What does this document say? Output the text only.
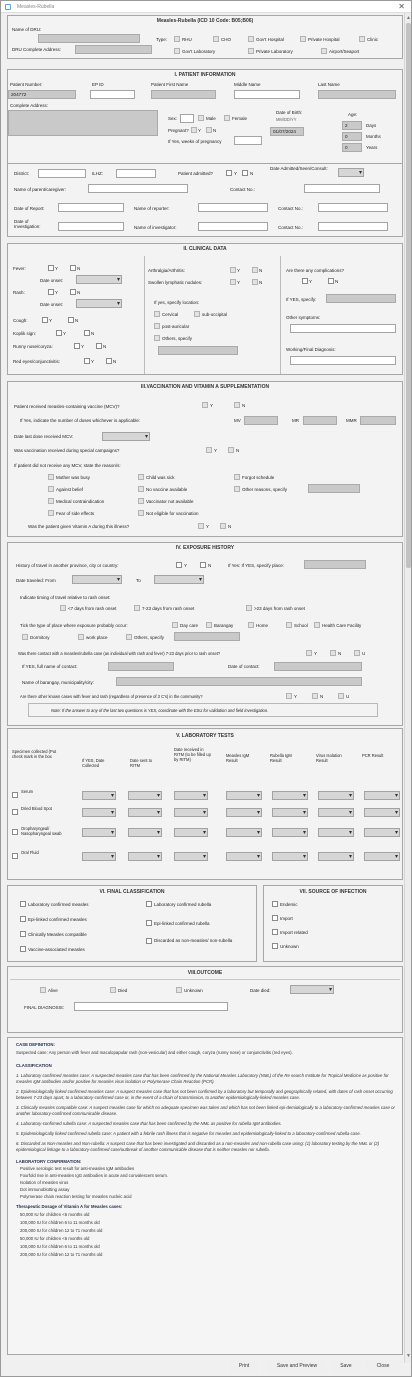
Measles-Rubella	✕
Measles-Rubella (ICD 10 Code: B05;B06)
Name of DRU:
DRU Complete Address:
Type:	RHU	CHO	Gov't Hospital	Private Hospital	Clinic
Gov't Laboratory	Private Laboratory	Airport/Seaport
I. PATIENT INFORMATION
Patient Number:	EP ID	Patient First Name	Middle Name	Last Name
204772
Complete Address:
Sex:	Male	Female
Pregnant? Y	N
If Yes, weeks of pregnancy
Date of Birth:
MM/DD/YY
01/07/2024
Age:
2	Days
0	Months
0	Years
District:	ILHZ:	Patient admitted?	Y	N
Date Admitted/Seen/Consult:
▾
Name of parent/caregiver:	Contact No.:
Date of Report:	Name of reporter:	Contact No.:
Date of Investigation:	Name of investigator:	Contact No.:
II. CLINICAL DATA
Fever:	Y	N
Date onset:
▾
Rash:	Y	N
Date onset:
▾
Cough:	Y	N
Koplik sign:	Y	N
Runny nose/coryza:	Y	N
Red eyes/conjunctivitis:	Y	N
Arthralgia/Arthritis:	Y	N
Swollen lymphatic nodules:	Y	N
If yes, specify location:
Cervical	sub-occipital
post-auricular
Others, specify
Are there any complications?
Y	N
If YES, specify:
Other symptoms:
Working/Final Diagnosis:
III.VACCINATION AND VITAMIN A SUPPLEMENTATION
Patient received measles-containing vaccine (MCV)?	Y	N
If Yes, indicate the number of doses whichever is applicable:	MV	MR	MMR
Date last dose received MCV:
▾
Was vaccination received during special campaigns?	Y	N
If patient did not receive any MCV, state the reason/s:
Mother was busy	Child was sick	Forgot schedule
Against belief	No vaccine available	Other reasons, specify
Medical contraindication	Vaccinator not available
Fear of side effects	Not eligible for vaccination
Was the patient given Vitamin A during this illness?	Y	N
IV. EXPOSURE HISTORY
History of travel in another province, city or country:	Y	N	If Yes: If YES, specify place:
Date traveled: From
▾	To
▾
Indicate timing of travel relative to rash onset:
<7 days from rash onset	7-23 days from rash onset	>23 days from rash onset
Tick the type of place where exposure probably occur:	Day care	Barangay	Home	School	Health Care Facility
Dormitory	work place	Others, specify
Was there contact with a measles/rubella case (an individual with rash and fever) 7-23 days prior to rash onset?	Y	N	U
If YES, full name of contact:	Date of contact:
Name of barangay, municipality/city:
Are there other known cases with fever and rash (regardless of presence of 3 C's) in the community?	Y	N	U
Note: If the answer to any of the last two questions is YES, coordinate with the ESU for validation and field investigation.
V. LABORATORY TESTS
Specimen collected (Put check mark in the box
If YES, Date Collected
Date sent to RITM
Date received in RITM (to be filled up by RITM)
Measles IgM Result
Rubella IgM Result
Virus Isolation Result
PCR Result
Serum
▾
▾
▾
▾
▾
▾
▾
Dried Blood Spot
▾
▾
▾
▾
▾
▾
▾
Oropharyngeal/ Nasopharyngeal swab
▾
▾
▾
▾
▾
▾
▾
Oral Fluid
▾
▾
▾
▾
▾
▾
▾
VI. FINAL CLASSIFICATION
Laboratory confirmed measles
Epi-linked confirmed measles
Clinically Measles compatible
Vaccine-associated measles
Laboratory confirmed rubella
Epi-linked confirmed rubella
Discarded as non-measles/ non-rubella
VII. SOURCE OF INFECTION
Endemic
Import
Import related
Unknown
VIII.OUTCOME
Alive	Died	Unknown	Date died:
▾
FINAL DIAGNOSIS:
CASE DEFINITION:
Suspected case: Any person with fever and maculopapular rash (non-vesicular) and either cough, coryza (runny nose) or conjunctivitis (red eyes).
CLASSIFICATION
1. Laboratory confirmed measles case: A suspected measles case that has been confirmed by the National Measles Laboratory (NML) of the Re search Institute for Tropical Medicine as positive for measles IgM antibodies and/or positive for measles virus isolation or Polymerase Chain Reaction (PCR).
2. Epidemiologically linked confirmed measles case: A suspect measles case that has not been confirmed by a laboratory but temporally and geographically related, with dates of rash onset occurring between 7-23 days apart, to a laboratory-confirmed case or, in the event of a chain of transmission, to another epidemiologically-linked measles case.
3. Clinically measles compatible case: A suspect measles case for which no adequate specimen was taken and which has not been linked epi-demiologically to a laboratory-confirmed measles case or another laboratory-confirmed communicable disease.
4. Laboratory-confirmed rubella case: A suspected measles case that has been confirmed by the NML as positive for rubella IgM antibodies.
5. Epidemiologically linked confirmed rubella case: A patient with a febrile rash illness that is negative for measles and epidemiologically-linked to a laboratory-confirmed rubella case.
6. Discarded as Non-measles and Non-rubella: A suspect case that has been investigated and discarded as a non-measles and non-rubella case using: (1) laboratory testing by the NML or (2) epidemiological linkage to a laboratory-confirmed case/outbreak of another communicable disease that is neither measles nor rubella.
LABORATORY CONFIRMATION:
Positive serologic test result for anti-measles IgM antibodies
Fourfold rise in anti-measles IgG antibodies in acute and convalescent serum.
Isolation of measles virus
Dot immunoblotting assay
Polymerase chain reaction testing for measles nucleic acid
Therapeutic Dosage of Vitamin A for Measles cases:
50,000 IU for children <6 months old
100,000 IU for children 6 to 11 months old
200,000 IU for children 12 to 71 months old
50,000 IU for children <6 months old
100,000 IU for children 6 to 11 months old
200,000 IU for children 12 to 71 months old
Print	Save and Preview	Save	Close
▲
▼
